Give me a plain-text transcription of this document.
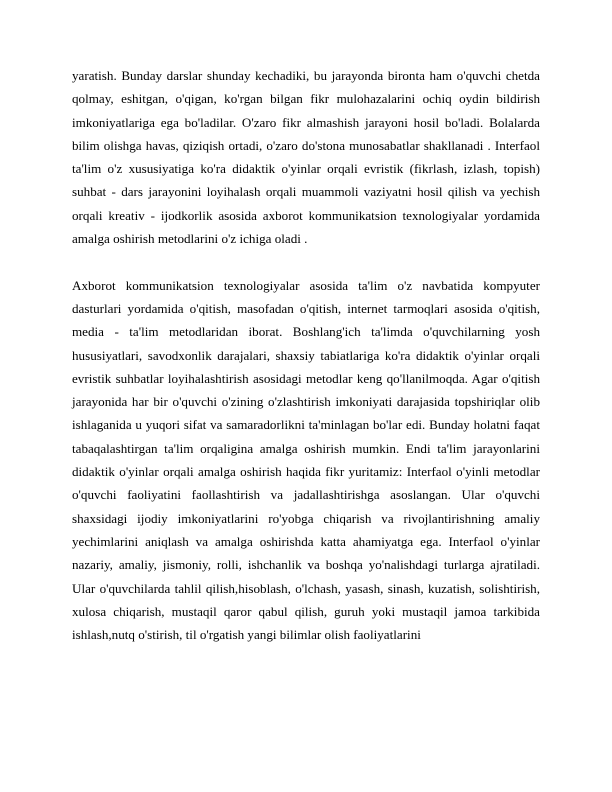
yaratish. Bunday darslar shunday kechadiki, bu jarayonda bironta ham o'quvchi chetda qolmay, eshitgan, o'qigan, ko'rgan bilgan fikr mulohazalarini ochiq oydin bildirish imkoniyatlariga ega bo'ladilar. O'zaro fikr almashish jarayoni hosil bo'ladi. Bolalarda bilim olishga havas, qiziqish ortadi, o'zaro do'stona munosabatlar shakllanadi . Interfaol ta'lim o'z xususiyatiga ko'ra didaktik o'yinlar orqali evristik (fikrlash, izlash, topish) suhbat - dars jarayonini loyihalash orqali muammoli vaziyatni hosil qilish va yechish orqali kreativ - ijodkorlik asosida axborot kommunikatsion texnologiyalar yordamida amalga oshirish metodlarini o'z ichiga oladi .

Axborot kommunikatsion texnologiyalar asosida ta'lim o'z navbatida kompyuter dasturlari yordamida o'qitish, masofadan o'qitish, internet tarmoqlari asosida o'qitish, media - ta'lim metodlaridan iborat. Boshlang'ich ta'limda o'quvchilarning yosh hususiyatlari, savodxonlik darajalari, shaxsiy tabiatlariga ko'ra didaktik o'yinlar orqali evristik suhbatlar loyihalashtirish asosidagi metodlar keng qo'llanilmoqda. Agar o'qitish jarayonida har bir o'quvchi o'zining o'zlashtirish imkoniyati darajasida topshiriqlar olib ishlaganida u yuqori sifat va samaradorlikni ta'minlagan bo'lar edi. Bunday holatni faqat tabaqalashtirgan ta'lim orqaligina amalga oshirish mumkin. Endi ta'lim jarayonlarini didaktik o'yinlar orqali amalga oshirish haqida fikr yuritamiz: Interfaol o'yinli metodlar o'quvchi faoliyatini faollashtirish va jadallashtirishga asoslangan. Ular o'quvchi shaxsidagi ijodiy imkoniyatlarini ro'yobga chiqarish va rivojlantirishning amaliy yechimlarini aniqlash va amalga oshirishda katta ahamiyatga ega. Interfaol o'yinlar nazariy, amaliy, jismoniy, rolli, ishchanlik va boshqa yo'nalishdagi turlarga ajratiladi. Ular o'quvchilarda tahlil qilish,hisoblash, o'lchash, yasash, sinash, kuzatish, solishtirish, xulosa chiqarish, mustaqil qaror qabul qilish, guruh yoki mustaqil jamoa tarkibida ishlash,nutq o'stirish, til o'rgatish yangi bilimlar olish faoliyatlarini
